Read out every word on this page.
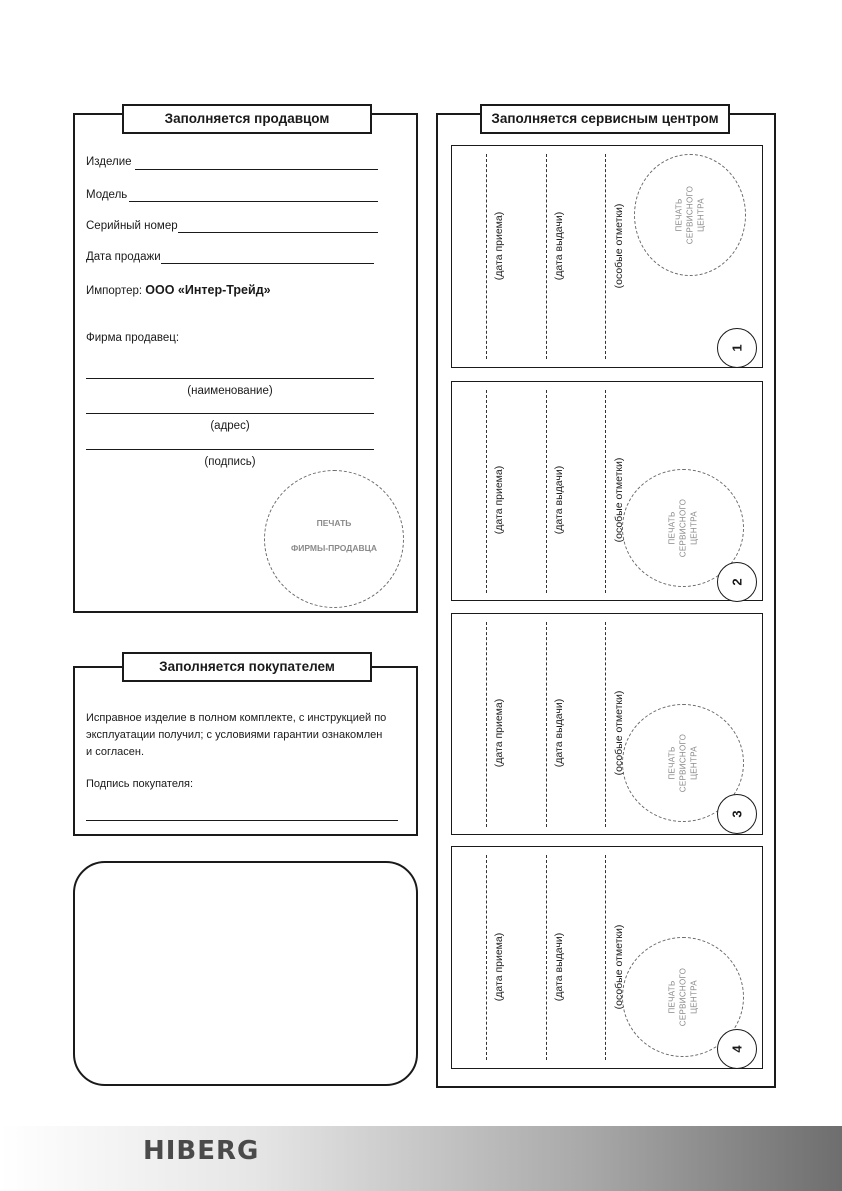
Заполняется продавцом
Изделие
Модель
Серийный номер
Дата продажи
Импортер: ООО «Интер-Трейд»
Фирма продавец:
(наименование)
(адрес)
(подпись)
ПЕЧАТЬ
ФИРМЫ-ПРОДАВЦА
Заполняется покупателем
Исправное изделие в полном комплекте, с инструкцией по
эксплуатации получил; с условиями гарантии ознакомлен
и согласен.
Подпись покупателя:
Заполняется сервисным центром
(дата приема)	(дата выдачи)	(особые отметки)	ПЕЧАТЬ СЕРВИСНОГО ЦЕНТРА
1
(дата приема)	(дата выдачи)	(особые отметки)	ПЕЧАТЬ СЕРВИСНОГО ЦЕНТРА
2
(дата приема)	(дата выдачи)	(особые отметки)	ПЕЧАТЬ СЕРВИСНОГО ЦЕНТРА
3
(дата приема)	(дата выдачи)	(особые отметки)	ПЕЧАТЬ СЕРВИСНОГО ЦЕНТРА
4
HIBERG
